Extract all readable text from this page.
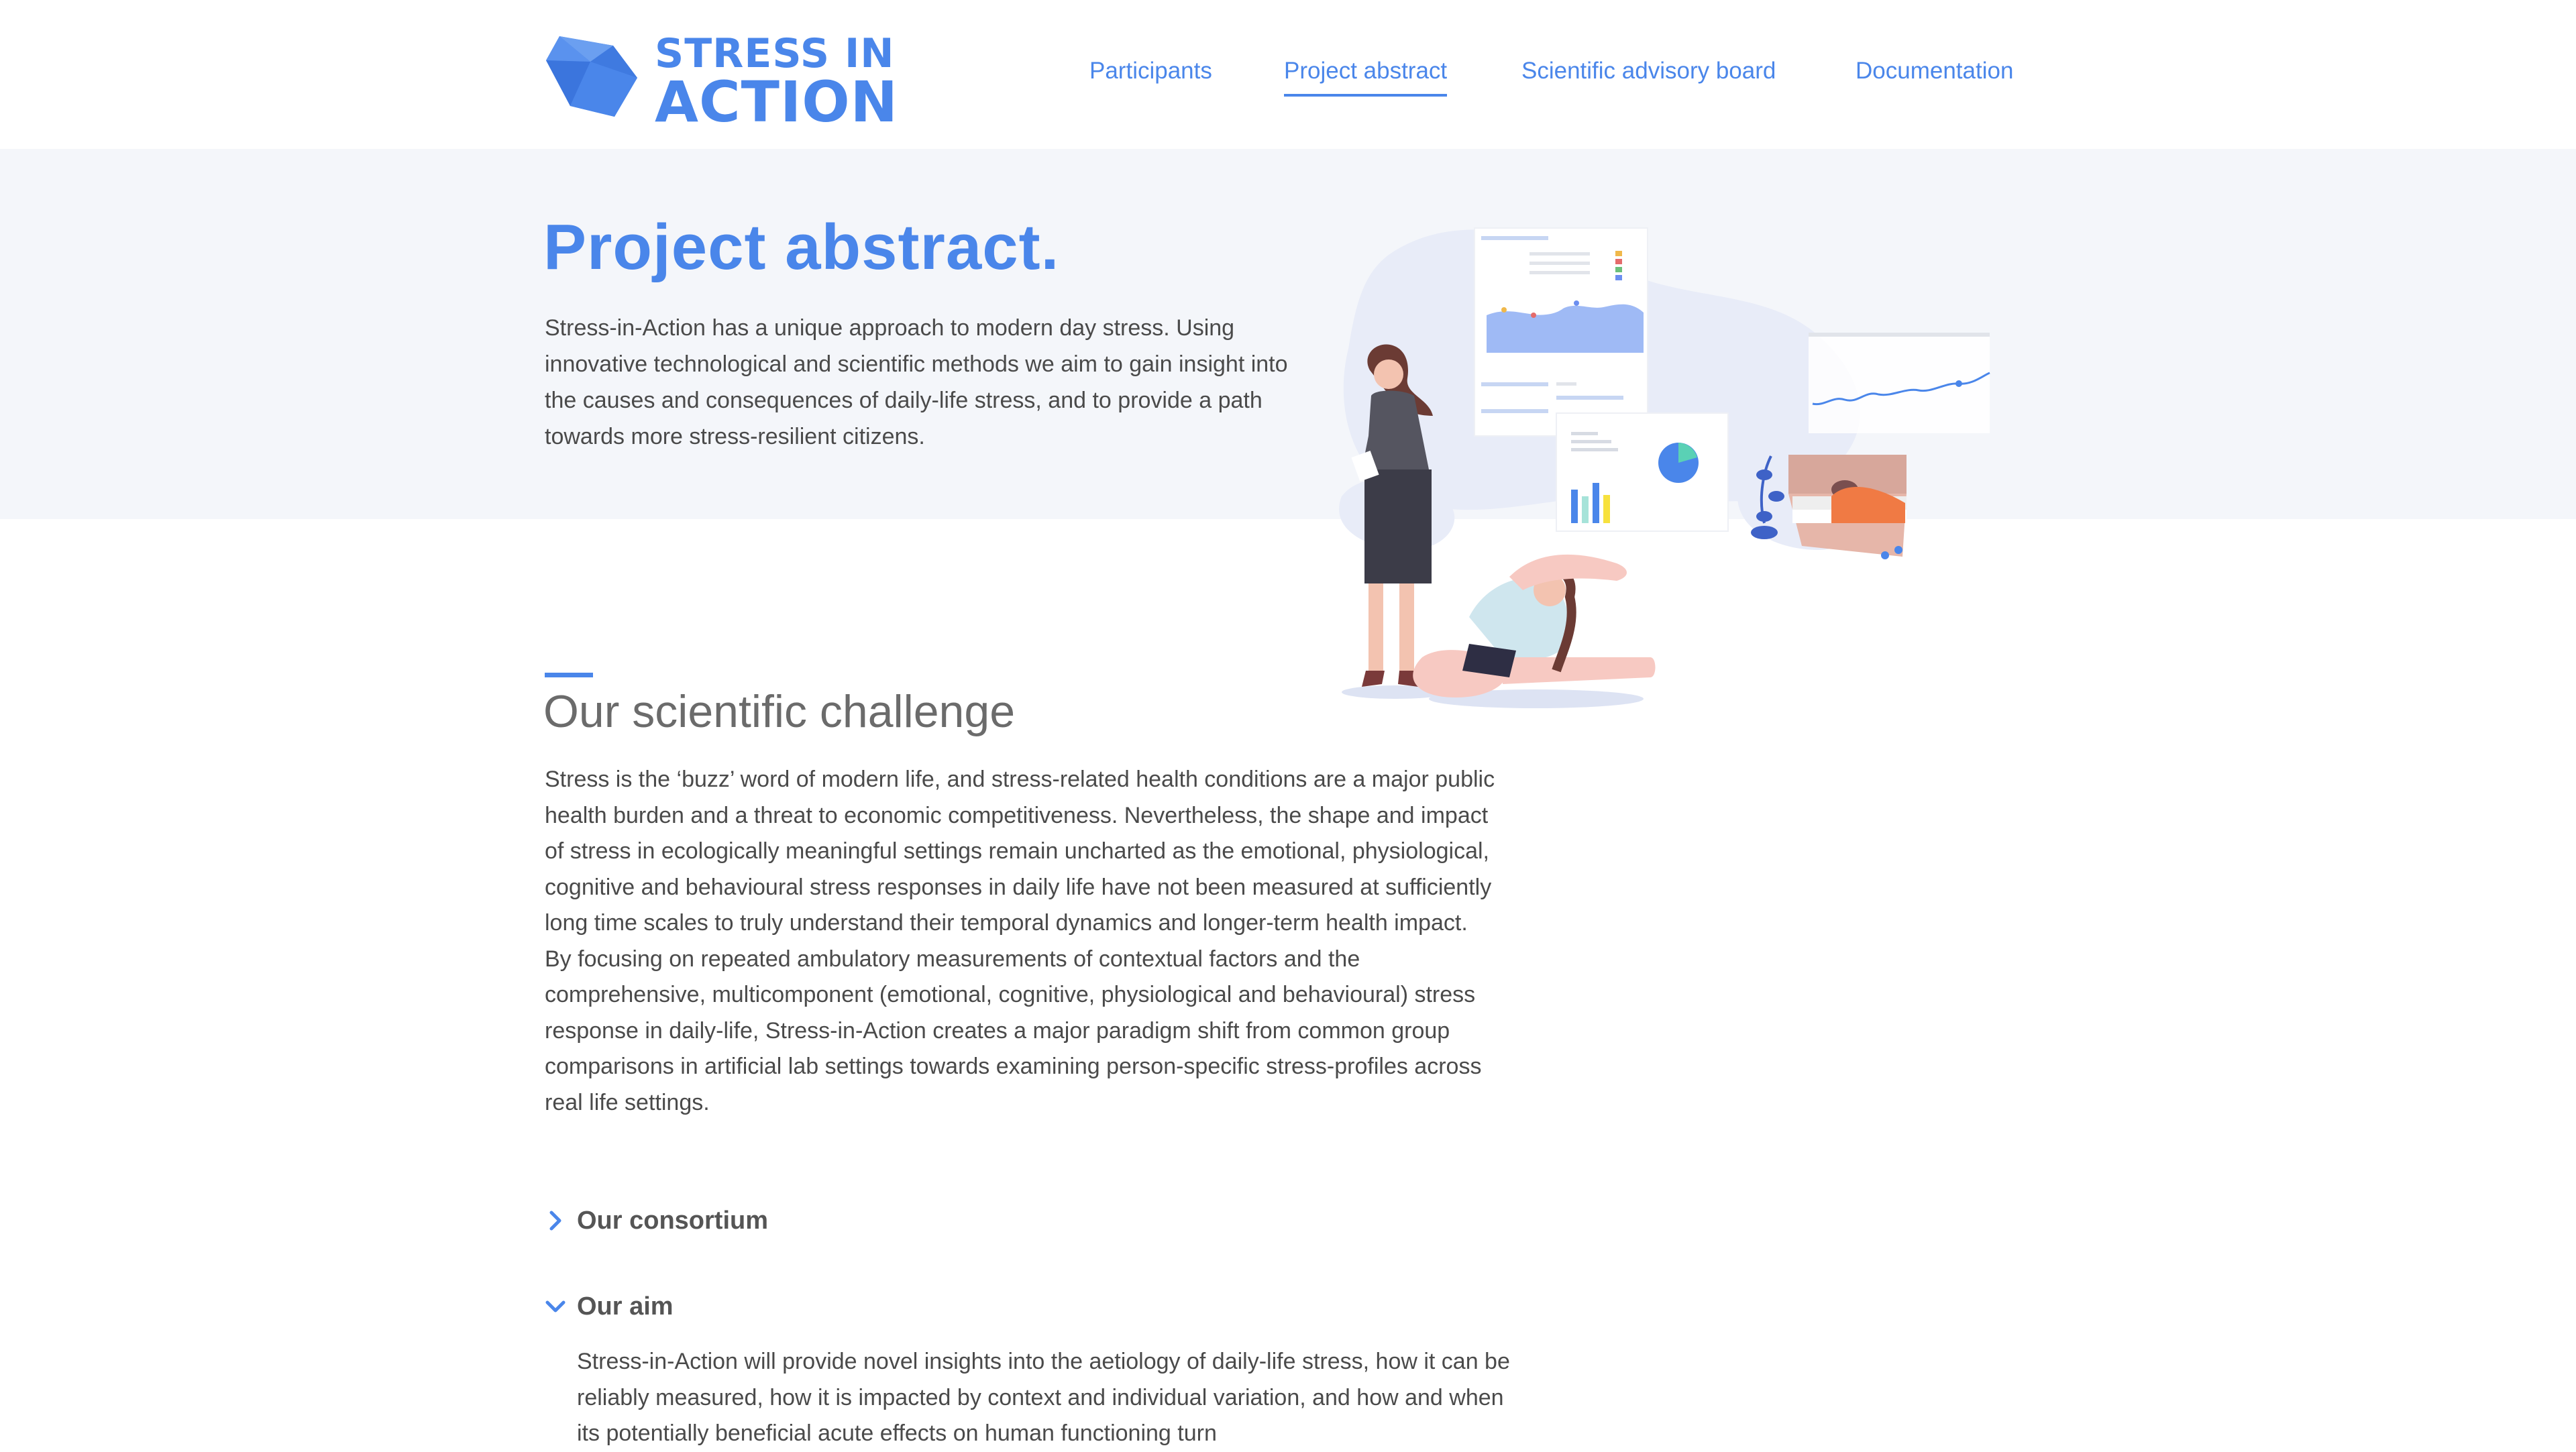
STRESS IN
ACTION	Participants	Project abstract	Scientific advisory board	Documentation
Project abstract.
Stress-in-Action has a unique approach to modern day stress. Using innovative technological and scientific methods we aim to gain insight into the causes and consequences of daily-life stress, and to provide a path towards more stress-resilient citizens.
Our scientific challenge
Stress is the ‘buzz’ word of modern life, and stress-related health conditions are a major public health burden and a threat to economic competitiveness. Nevertheless, the shape and impact of stress in ecologically meaningful settings remain uncharted as the emotional, physiological, cognitive and behavioural stress responses in daily life have not been measured at sufficiently long time scales to truly understand their temporal dynamics and longer-term health impact. By focusing on repeated ambulatory measurements of contextual factors and the comprehensive, multicomponent (emotional, cognitive, physiological and behavioural) stress response in daily-life, Stress-in-Action creates a major paradigm shift from common group comparisons in artificial lab settings towards examining person-specific stress-profiles across real life settings.
Our consortium
Our aim
Stress-in-Action will provide novel insights into the aetiology of daily-life stress, how it can be reliably measured, how it is impacted by context and individual variation, and how and when its potentially beneficial acute effects on human functioning turn
